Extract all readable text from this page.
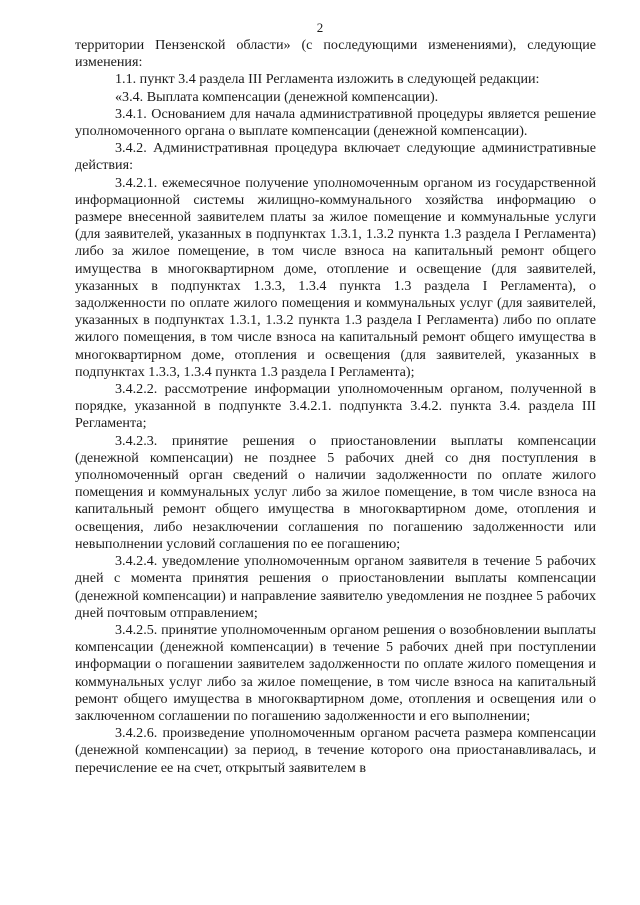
2

территории Пензенской области» (с последующими изменениями), следующие изменения:

1.1. пункт 3.4 раздела III Регламента изложить в следующей редакции:

«3.4. Выплата компенсации (денежной компенсации).

3.4.1. Основанием для начала административной процедуры является решение уполномоченного органа о выплате компенсации (денежной компенсации).

3.4.2. Административная процедура включает следующие административные действия:

3.4.2.1. ежемесячное получение уполномоченным органом из государственной информационной системы жилищно-коммунального хозяйства информацию о размере внесенной заявителем платы за жилое помещение и коммунальные услуги (для заявителей, указанных в подпунктах 1.3.1, 1.3.2 пункта 1.3 раздела I Регламента) либо за жилое помещение, в том числе взноса на капитальный ремонт общего имущества в многоквартирном доме, отопление и освещение (для заявителей, указанных в подпунктах 1.3.3, 1.3.4 пункта 1.3 раздела I Регламента), о задолженности по оплате жилого помещения и коммунальных услуг (для заявителей, указанных в подпунктах 1.3.1, 1.3.2 пункта 1.3 раздела I Регламента) либо по оплате жилого помещения, в том числе взноса на капитальный ремонт общего имущества в многоквартирном доме, отопления и освещения (для заявителей, указанных в подпунктах 1.3.3, 1.3.4 пункта 1.3 раздела I Регламента);

3.4.2.2. рассмотрение информации уполномоченным органом, полученной в порядке, указанной в подпункте 3.4.2.1. подпункта 3.4.2. пункта 3.4. раздела III Регламента;

3.4.2.3. принятие решения о приостановлении выплаты компенсации (денежной компенсации) не позднее 5 рабочих дней со дня поступления в уполномоченный орган сведений о наличии задолженности по оплате жилого помещения и коммунальных услуг либо за жилое помещение, в том числе взноса на капитальный ремонт общего имущества в многоквартирном доме, отопления и освещения, либо незаключении соглашения по погашению задолженности или невыполнении условий соглашения по ее погашению;

3.4.2.4. уведомление уполномоченным органом заявителя в течение 5 рабочих дней с момента принятия решения о приостановлении выплаты компенсации (денежной компенсации) и направление заявителю уведомления не позднее 5 рабочих дней почтовым отправлением;

3.4.2.5. принятие уполномоченным органом решения о возобновлении выплаты компенсации (денежной компенсации) в течение 5 рабочих дней при поступлении информации о погашении заявителем задолженности по оплате жилого помещения и коммунальных услуг либо за жилое помещение, в том числе взноса на капитальный ремонт общего имущества в многоквартирном доме, отопления и освещения или о заключенном соглашении по погашению задолженности и его выполнении;

3.4.2.6. произведение уполномоченным органом расчета размера компенсации (денежной компенсации) за период, в течение которого она приостанавливалась, и перечисление ее на счет, открытый заявителем в
